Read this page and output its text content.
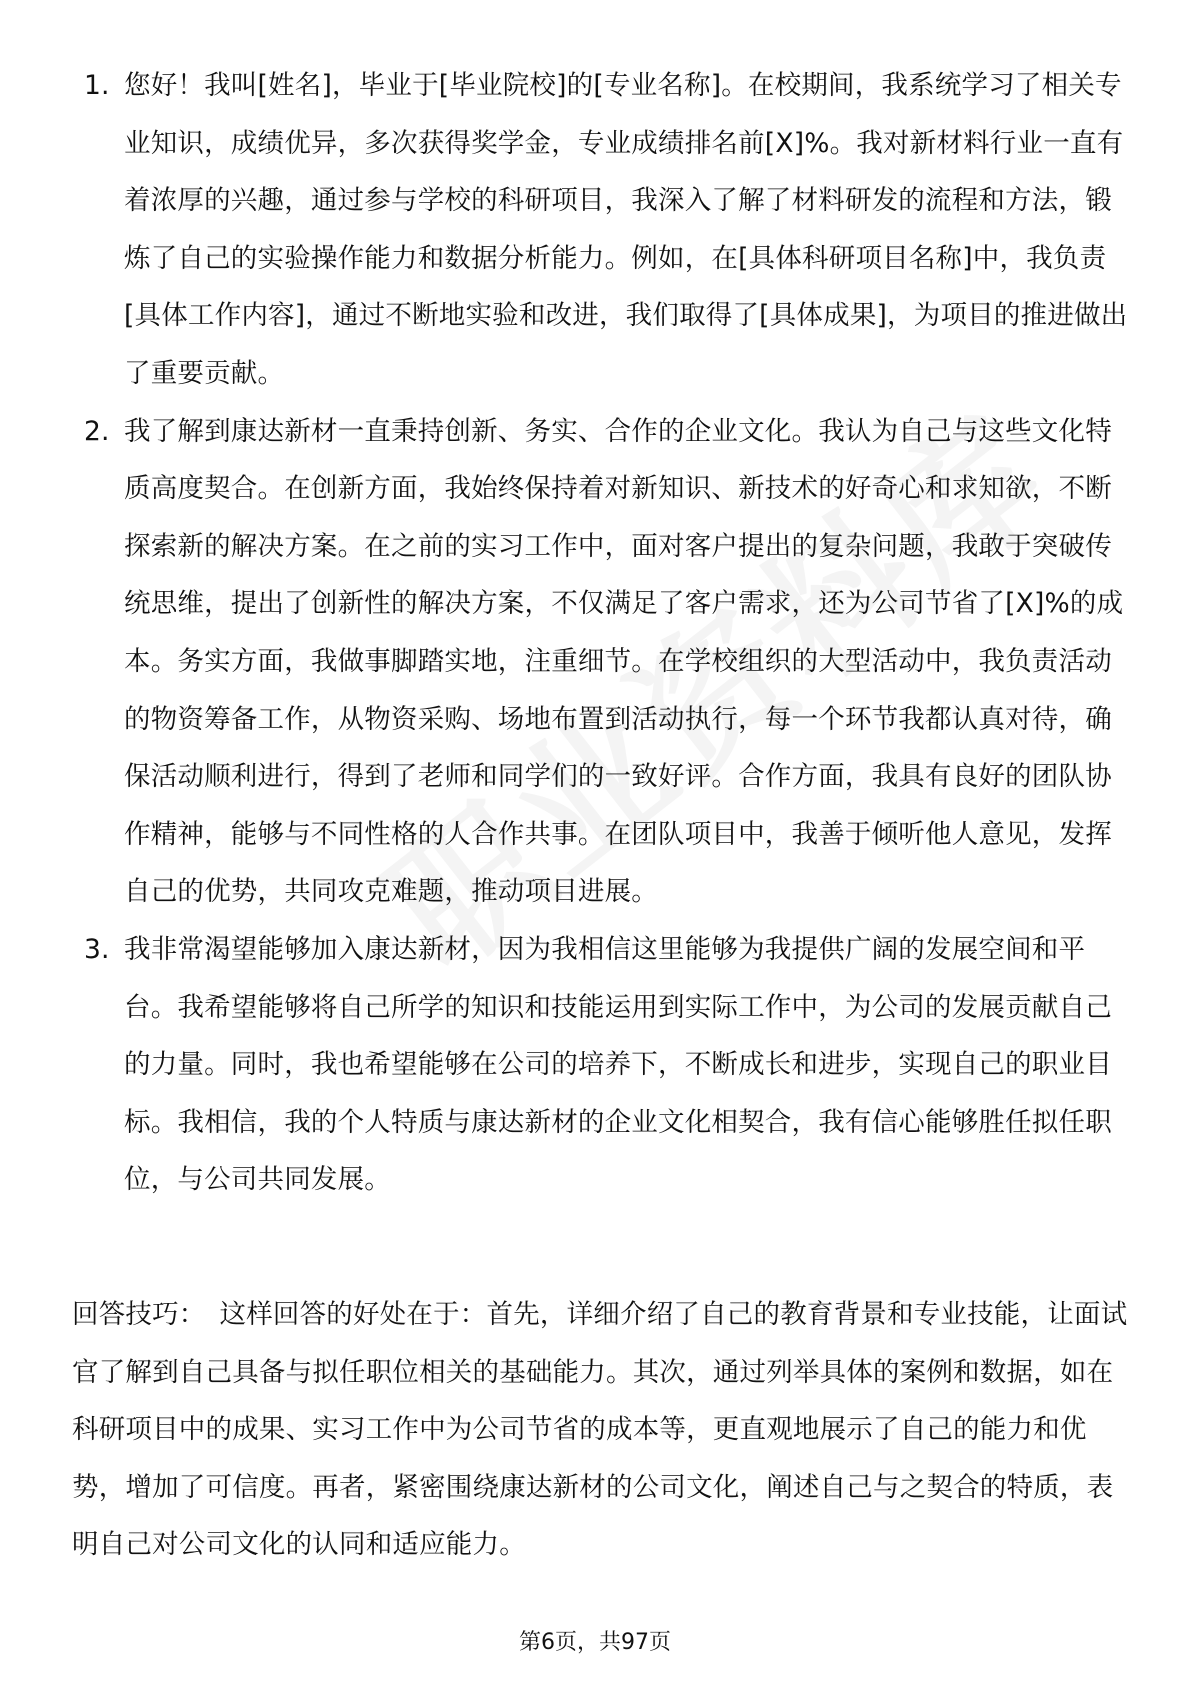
1. 您好！我叫[姓名]，毕业于[毕业院校]的[专业名称]。在校期间，我系统学习了相关专业知识，成绩优异，多次获得奖学金，专业成绩排名前[X]%。我对新材料行业一直有着浓厚的兴趣，通过参与学校的科研项目，我深入了解了材料研发的流程和方法，锻炼了自己的实验操作能力和数据分析能力。例如，在[具体科研项目名称]中，我负责[具体工作内容]，通过不断地实验和改进，我们取得了[具体成果]，为项目的推进做出了重要贡献。
2. 我了解到康达新材一直秉持创新、务实、合作的企业文化。我认为自己与这些文化特质高度契合。在创新方面，我始终保持着对新知识、新技术的好奇心和求知欲，不断探索新的解决方案。在之前的实习工作中，面对客户提出的复杂问题，我敢于突破传统思维，提出了创新性的解决方案，不仅满足了客户需求，还为公司节省了[X]%的成本。务实方面，我做事脚踏实地，注重细节。在学校组织的大型活动中，我负责活动的物资筹备工作，从物资采购、场地布置到活动执行，每一个环节我都认真对待，确保活动顺利进行，得到了老师和同学们的一致好评。合作方面，我具有良好的团队协作精神，能够与不同性格的人合作共事。在团队项目中，我善于倾听他人意见，发挥自己的优势，共同攻克难题，推动项目进展。
3. 我非常渴望能够加入康达新材，因为我相信这里能够为我提供广阔的发展空间和平台。我希望能够将自己所学的知识和技能运用到实际工作中，为公司的发展贡献自己的力量。同时，我也希望能够在公司的培养下，不断成长和进步，实现自己的职业目标。我相信，我的个人特质与康达新材的企业文化相契合，我有信心能够胜任拟任职位，与公司共同发展。
回答技巧： 这样回答的好处在于：首先，详细介绍了自己的教育背景和专业技能，让面试官了解到自己具备与拟任职位相关的基础能力。其次，通过列举具体的案例和数据，如在科研项目中的成果、实习工作中为公司节省的成本等，更直观地展示了自己的能力和优势，增加了可信度。再者，紧密围绕康达新材的公司文化，阐述自己与之契合的特质，表明自己对公司文化的认同和适应能力。
第6页，共97页
